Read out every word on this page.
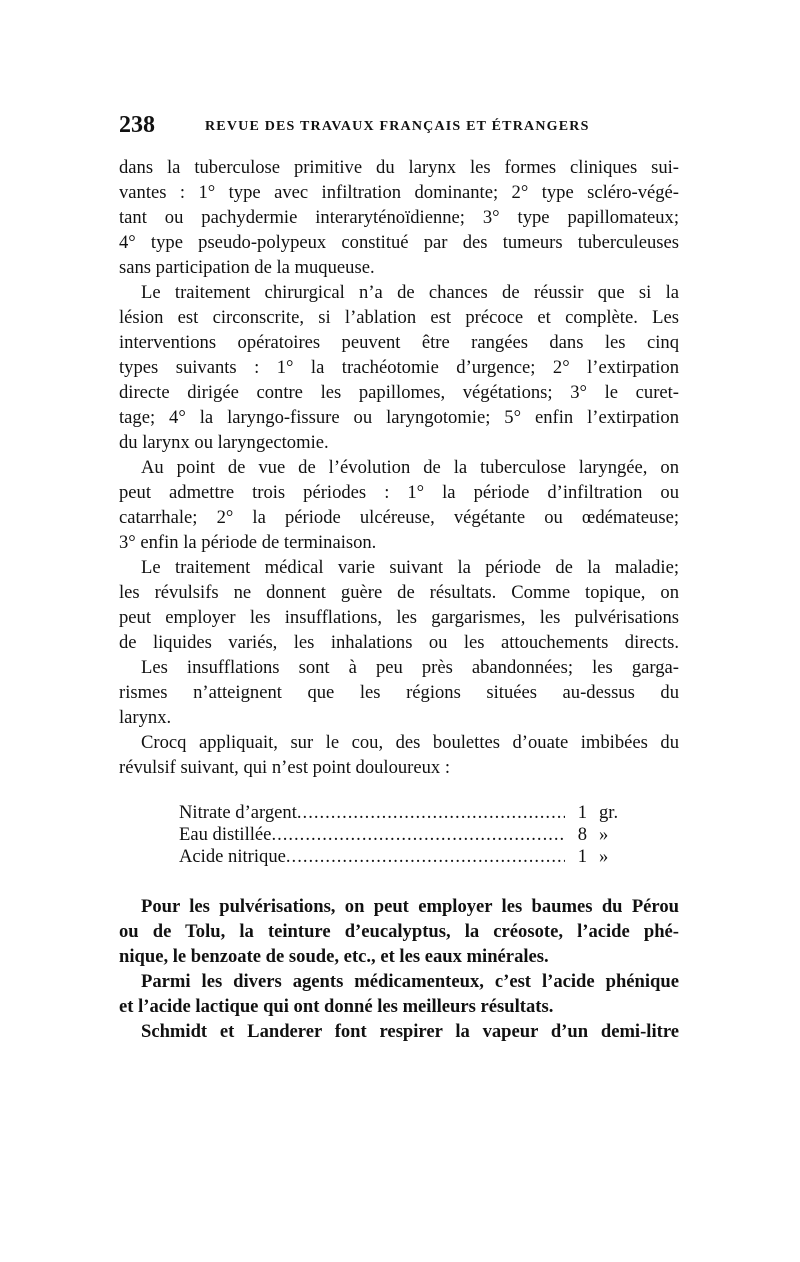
238	REVUE DES TRAVAUX FRANÇAIS ET ÉTRANGERS
dans la tuberculose primitive du larynx les formes cliniques sui-
vantes : 1° type avec infiltration dominante; 2° type scléro-végé-
tant ou pachydermie interaryténoïdienne; 3° type papillomateux;
4° type pseudo-polypeux constitué par des tumeurs tuberculeuses
sans participation de la muqueuse.
Le traitement chirurgical n’a de chances de réussir que si la
lésion est circonscrite, si l’ablation est précoce et complète. Les
interventions opératoires peuvent être rangées dans les cinq
types suivants : 1° la trachéotomie d’urgence; 2° l’extirpation
directe dirigée contre les papillomes, végétations; 3° le curet-
tage; 4° la laryngo-fissure ou laryngotomie; 5° enfin l’extirpation
du larynx ou laryngectomie.
Au point de vue de l’évolution de la tuberculose laryngée, on
peut admettre trois périodes : 1° la période d’infiltration ou
catarrhale; 2° la période ulcéreuse, végétante ou œdémateuse;
3° enfin la période de terminaison.
Le traitement médical varie suivant la période de la maladie;
les révulsifs ne donnent guère de résultats. Comme topique, on
peut employer les insufflations, les gargarismes, les pulvérisations
de liquides variés, les inhalations ou les attouchements directs.
Les insufflations sont à peu près abandonnées; les garga-
rismes n’atteignent que les régions situées au-dessus du
larynx.
Crocq appliquait, sur le cou, des boulettes d’ouate imbibées du
révulsif suivant, qui n’est point douloureux :
Nitrate d’argent .....	1 gr.
Eau distillée .....	8 »
Acide nitrique .....	1 »
Pour les pulvérisations, on peut employer les baumes du Pérou
ou de Tolu, la teinture d’eucalyptus, la créosote, l’acide phé-
nique, le benzoate de soude, etc., et les eaux minérales.
Parmi les divers agents médicamenteux, c’est l’acide phénique
et l’acide lactique qui ont donné les meilleurs résultats.
Schmidt et Landerer font respirer la vapeur d’un demi-litre
